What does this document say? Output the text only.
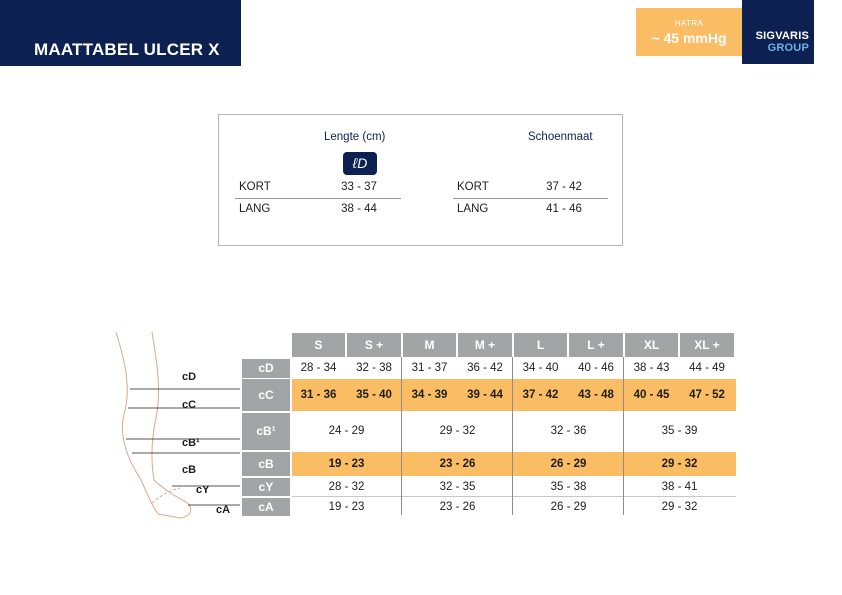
MAATTABEL ULCER X
HATRA
~ 45 mmHg	SIGVARIS
GROUP
Lengte (cm)	Schoenmaat
ℓD
KORT	33 - 37
LANG	38 - 44
KORT	37 - 42
LANG	41 - 46
cD
cC
cB¹
cB
cY
cA
S	S +	M	M +	L	L +	XL	XL +
cD	28 - 34	32 - 38	31 - 37	36 - 42	34 - 40	40 - 46	38 - 43	44 - 49
cC	31 - 36	35 - 40	34 - 39	39 - 44	37 - 42	43 - 48	40 - 45	47 - 52
cB¹	24 - 29	29 - 32	32 - 36	35 - 39
cB	19 - 23	23 - 26	26 - 29	29 - 32
cY	28 - 32	32 - 35	35 - 38	38 - 41
cA	19 - 23	23 - 26	26 - 29	29 - 32
